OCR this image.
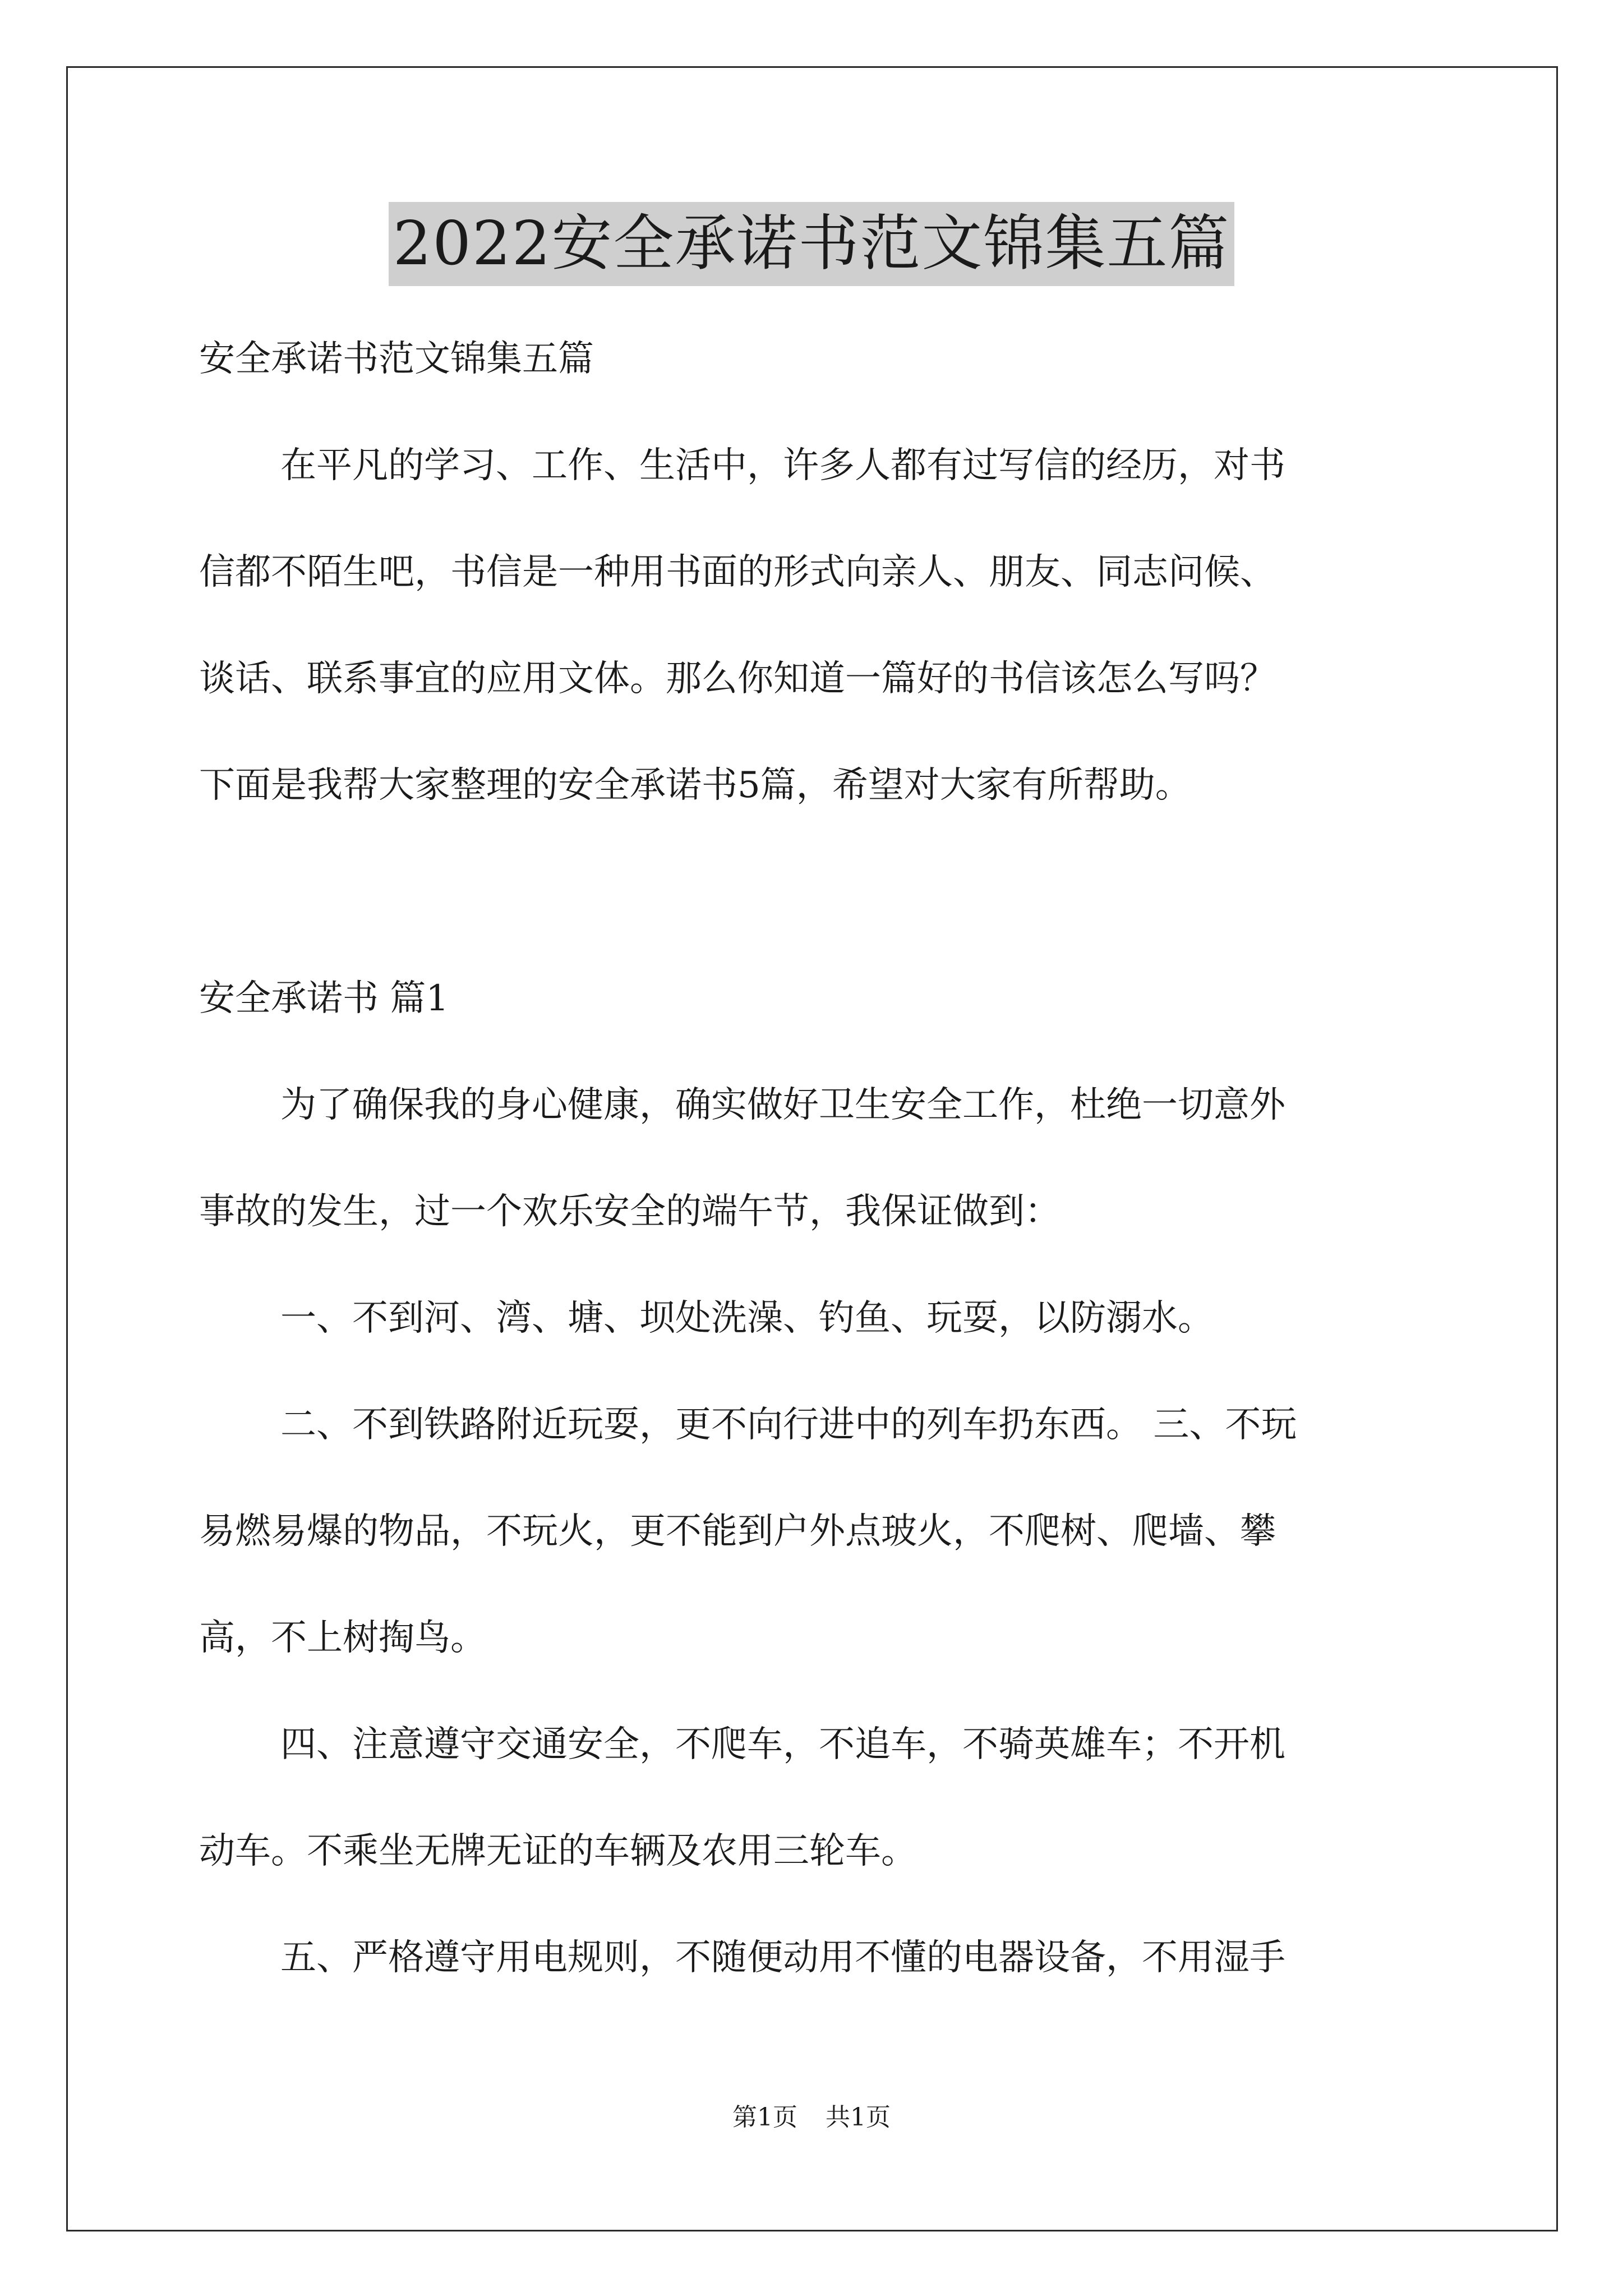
2022安全承诺书范文锦集五篇
安全承诺书范文锦集五篇
在平凡的学习、工作、生活中，许多人都有过写信的经历，对书
信都不陌生吧，书信是一种用书面的形式向亲人、朋友、同志问候、
谈话、联系事宜的应用文体。那么你知道一篇好的书信该怎么写吗？
下面是我帮大家整理的安全承诺书5篇，希望对大家有所帮助。
安全承诺书 篇1
为了确保我的身心健康，确实做好卫生安全工作，杜绝一切意外
事故的发生，过一个欢乐安全的端午节，我保证做到：
一、不到河、湾、塘、坝处洗澡、钓鱼、玩耍，以防溺水。
二、不到铁路附近玩耍，更不向行进中的列车扔东西。 三、不玩
易燃易爆的物品，不玩火，更不能到户外点玻火，不爬树、爬墙、攀
高，不上树掏鸟。
四、注意遵守交通安全，不爬车，不追车，不骑英雄车；不开机
动车。不乘坐无牌无证的车辆及农用三轮车。
五、严格遵守用电规则，不随便动用不懂的电器设备，不用湿手
第1页 共1页
